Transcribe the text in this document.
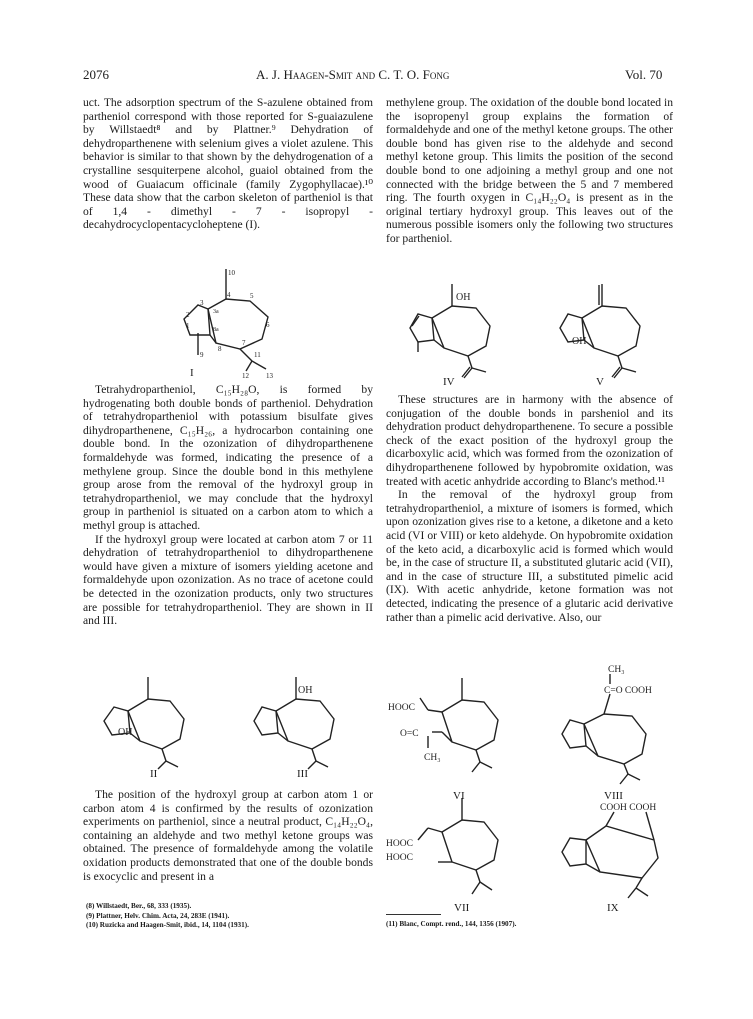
2076	A. J. Haagen-Smit and C. T. O. Fong	Vol. 70

uct. The adsorption spectrum of the S-azulene obtained from partheniol correspond with those reported for S-guaiazulene by Willstaedt⁸ and by Plattner.⁹ Dehydration of dehydroparthenene with selenium gives a violet azulene. This behavior is similar to that shown by the dehydrogenation of a crystalline sesquiterpene alcohol, guaiol obtained from the wood of Guaiacum officinale (family Zygophyllacae).¹⁰ These data show that the carbon skeleton of partheniol is that of 1,4 - dimethyl - 7 - isopropyl - decahydrocyclopentacycloheptene (I).

10
4	5
3
3a
6
2
1	8a
8
7
9	11
12 13
I

Tetrahydropartheniol, C₁₅H₂₈O, is formed by hydrogenating both double bonds of partheniol. Dehydration of tetrahydropartheniol with potassium bisulfate gives dihydroparthenene, C₁₅H₂₆, a hydrocarbon containing one double bond. In the ozonization of dihydroparthenene formaldehyde was formed, indicating the presence of a methylene group. Since the double bond in this methylene group arose from the removal of the hydroxyl group in tetrahydropartheniol, we may conclude that the hydroxyl group in partheniol is situated on a carbon atom to which a methyl group is attached.

If the hydroxyl group were located at carbon atom 7 or 11 dehydration of tetrahydropartheniol to dihydroparthenene would have given a mixture of isomers yielding acetone and formaldehyde upon ozonization. As no trace of acetone could be detected in the ozonization products, only two structures are possible for tetrahydropartheniol. They are shown in II and III.

OH
II
OH
III

The position of the hydroxyl group at carbon atom 1 or carbon atom 4 is confirmed by the results of ozonization experiments on partheniol, since a neutral product, C₁₄H₂₂O₄, containing an aldehyde and two methyl ketone groups was obtained. The presence of formaldehyde among the volatile oxidation products demonstrated that one of the double bonds is exocyclic and present in a

(8) Willstaedt, Ber., 68, 333 (1935).
(9) Plattner, Helv. Chim. Acta, 24, 283E (1941).
(10) Ruzicka and Haagen-Smit, ibid., 14, 1104 (1931).

methylene group. The oxidation of the double bond located in the isopropenyl group explains the formation of formaldehyde and one of the methyl ketone groups. The other double bond has given rise to the aldehyde and second methyl ketone group. This limits the position of the second double bond to one adjoining a methyl group and one not connected with the bridge between the 5 and 7 membered ring. The fourth oxygen in C₁₄H₂₂O₄ is present as in the original tertiary hydroxyl group. This leaves out of the numerous possible isomers only the following two structures for partheniol.

OH
IV
OH
V

These structures are in harmony with the absence of conjugation of the double bonds in parsheniol and its dehydration product dehydroparthenene. To secure a possible check of the exact position of the hydroxyl group the dicarboxylic acid, which was formed from the ozonization of dihydroparthenene followed by hypobromite oxidation, was treated with acetic anhydride according to Blanc's method.¹¹

In the removal of the hydroxyl group from tetrahydropartheniol, a mixture of isomers is formed, which upon ozonization gives rise to a ketone, a diketone and a keto acid (VI or VIII) or keto aldehyde. On hypobromite oxidation of the keto acid, a dicarboxylic acid is formed which would be, in the case of structure II, a substituted glutaric acid (VII), and in the case of structure III, a substituted pimelic acid (IX). With acetic anhydride, ketone formation was not detected, indicating the presence of a glutaric acid derivative rather than a pimelic acid derivative. Also, our

HOOC
O=C
CH₃
VI
CH₃
C=O COOH
VIII
HOOC
HOOC
VII
COOH COOH
IX
(11) Blanc, Compt. rend., 144, 1356 (1907).
